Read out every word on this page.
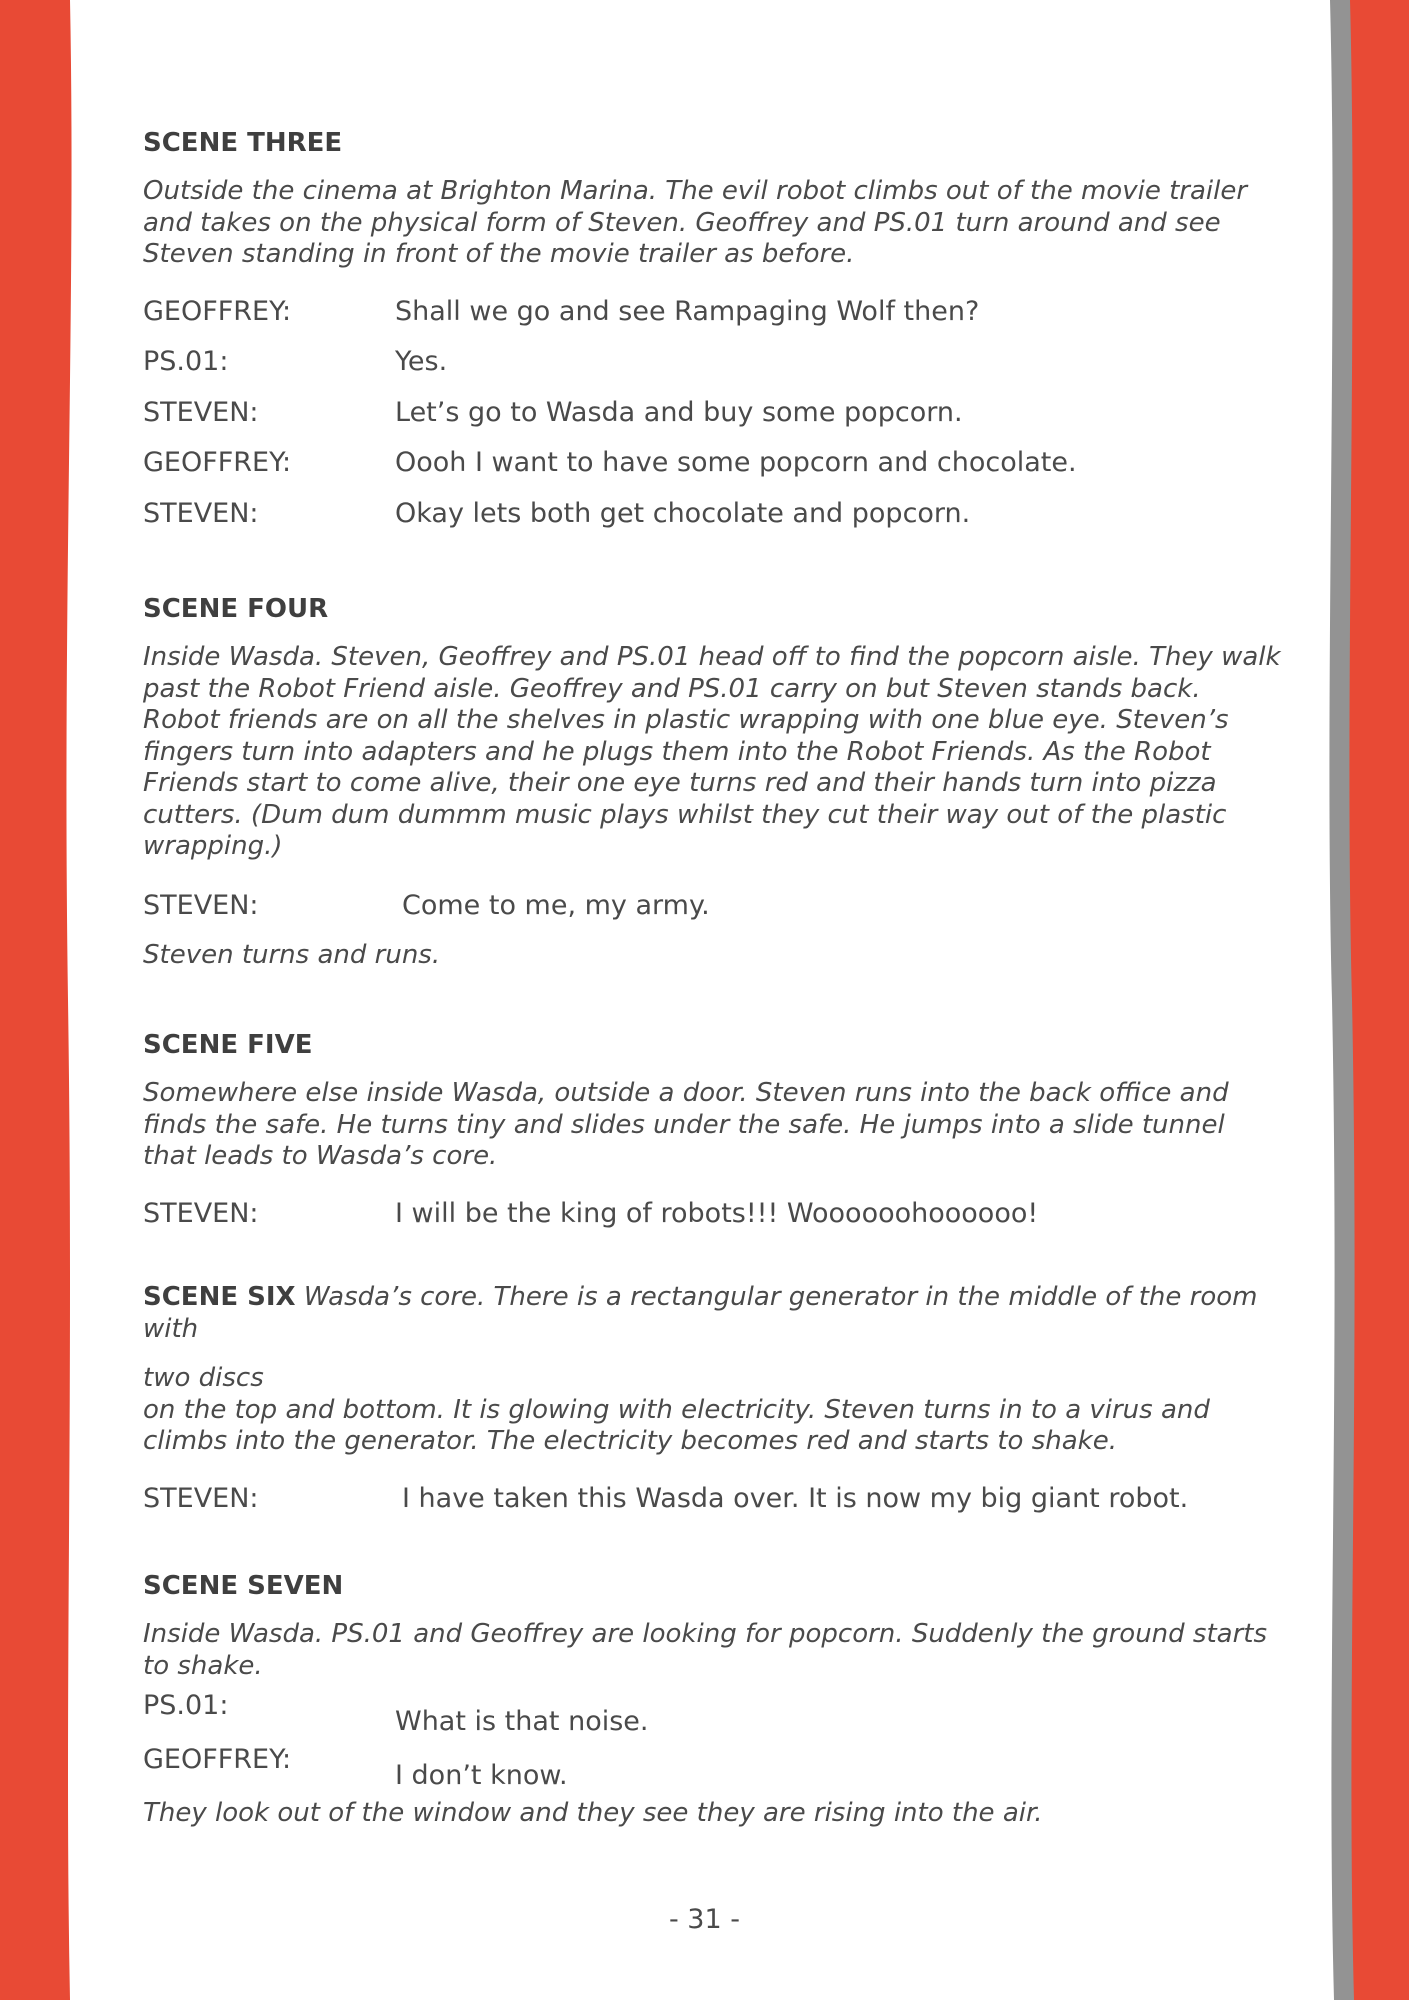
SCENE THREE

Outside the cinema at Brighton Marina. The evil robot climbs out of the movie trailer and takes on the physical form of Steven. Geoffrey and PS.01 turn around and see Steven standing in front of the movie trailer as before.

GEOFFREY:	Shall we go and see Rampaging Wolf then?
PS.01:	Yes.
STEVEN:	Let’s go to Wasda and buy some popcorn.
GEOFFREY:	Oooh I want to have some popcorn and chocolate.
STEVEN:	Okay lets both get chocolate and popcorn.
SCENE FOUR

Inside Wasda. Steven, Geoffrey and PS.01 head off to find the popcorn aisle. They walk past the Robot Friend aisle. Geoffrey and PS.01 carry on but Steven stands back. Robot friends are on all the shelves in plastic wrapping with one blue eye. Steven’s fingers turn into adapters and he plugs them into the Robot Friends. As the Robot Friends start to come alive, their one eye turns red and their hands turn into pizza cutters. (Dum dum dummm music plays whilst they cut their way out of the plastic wrapping.)

STEVEN:	Come to me, my army.

Steven turns and runs.

SCENE FIVE

Somewhere else inside Wasda, outside a door. Steven runs into the back office and finds the safe. He turns tiny and slides under the safe. He jumps into a slide tunnel that leads to Wasda’s core.

STEVEN:	I will be the king of robots!!! Woooooohoooooo!

SCENE SIX Wasda’s core. There is a rectangular generator in the middle of the room with

two discs

on the top and bottom. It is glowing with electricity. Steven turns in to a virus and climbs into the generator. The electricity becomes red and starts to shake.

STEVEN:	I have taken this Wasda over. It is now my big giant robot.
SCENE SEVEN

Inside Wasda. PS.01 and Geoffrey are looking for popcorn. Suddenly the ground starts to shake.

PS.01:
What is that noise.
GEOFFREY:
I don’t know.

They look out of the window and they see they are rising into the air.

- 31 -
